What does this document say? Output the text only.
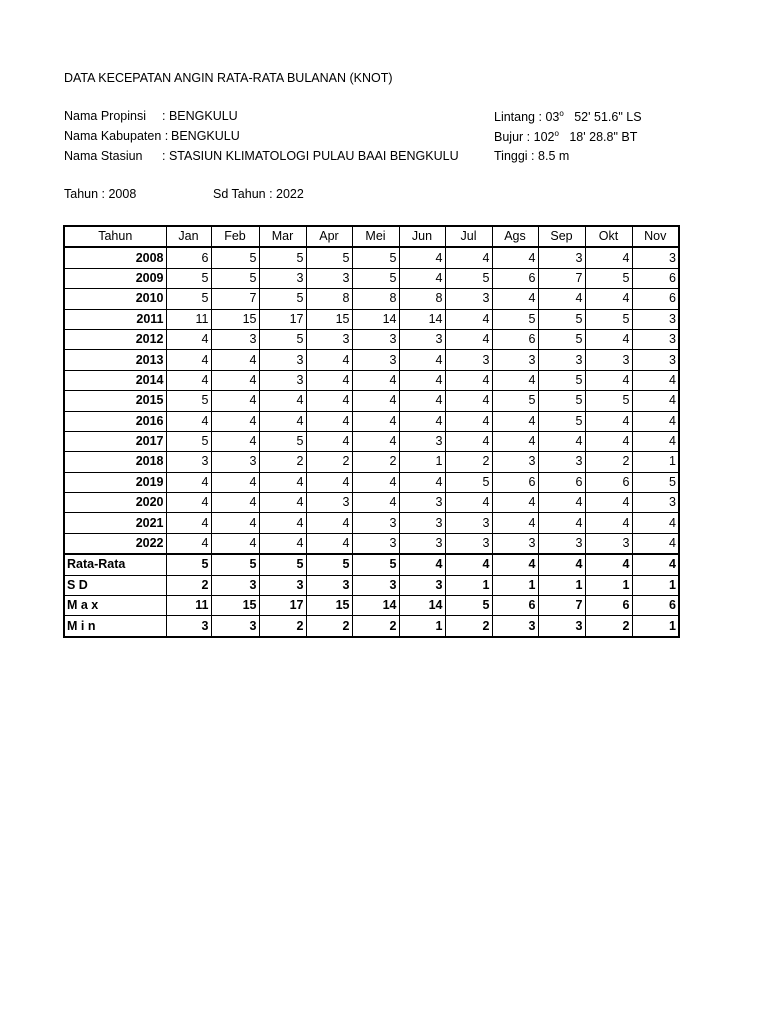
DATA KECEPATAN ANGIN RATA-RATA BULANAN (KNOT)
Nama Propinsi : BENGKULU
Nama Kabupaten : BENGKULU
Nama Stasiun : STASIUN KLIMATOLOGI PULAU BAAI BENGKULU
Lintang : 03$^o$ 52' 51.6" LS
Bujur : 102$^o$ 18' 28.8" BT
Tinggi : 8.5 m
Tahun : 2008	Sd Tahun : 2022
Tahun	Jan	Feb	Mar	Apr	Mei	Jun	Jul	Ags	Sep	Okt	Nov
2008	6	5	5	5	5	4	4	4	3	4	3
2009	5	5	3	3	5	4	5	6	7	5	6
2010	5	7	5	8	8	8	3	4	4	4	6
2011	11	15	17	15	14	14	4	5	5	5	3
2012	4	3	5	3	3	3	4	6	5	4	3
2013	4	4	3	4	3	4	3	3	3	3	3
2014	4	4	3	4	4	4	4	4	5	4	4
2015	5	4	4	4	4	4	4	5	5	5	4
2016	4	4	4	4	4	4	4	4	5	4	4
2017	5	4	5	4	4	3	4	4	4	4	4
2018	3	3	2	2	2	1	2	3	3	2	1
2019	4	4	4	4	4	4	5	6	6	6	5
2020	4	4	4	3	4	3	4	4	4	4	3
2021	4	4	4	4	3	3	3	4	4	4	4
2022	4	4	4	4	3	3	3	3	3	3	4
Rata-Rata	5	5	5	5	5	4	4	4	4	4	4
S D	2	3	3	3	3	3	1	1	1	1	1
M a x	11	15	17	15	14	14	5	6	7	6	6
M i n	3	3	2	2	2	1	2	3	3	2	1
